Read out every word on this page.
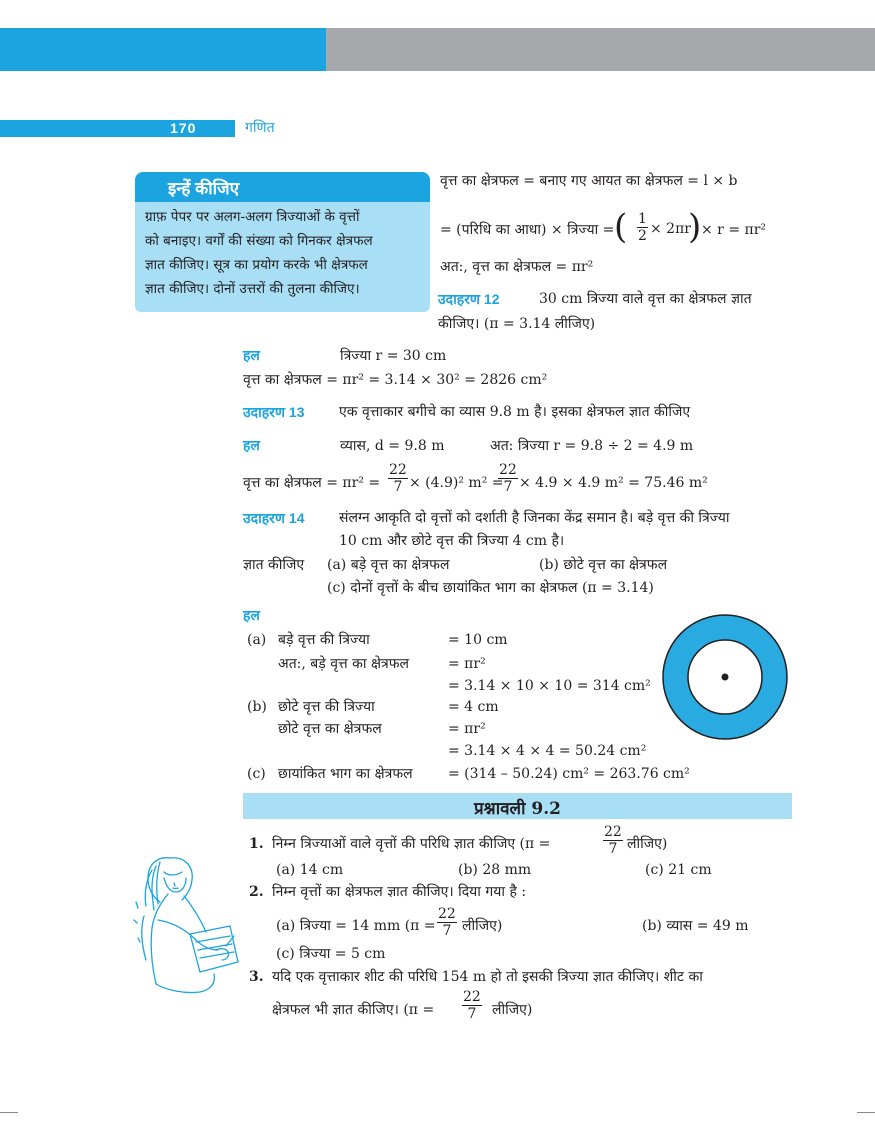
170	गणित
इन्हें कीजिए
ग्राफ़ पेपर पर अलग-अलग त्रिज्याओं के वृत्तों
को बनाइए। वर्गों की संख्या को गिनकर क्षेत्रफल
ज्ञात कीजिए। सूत्र का प्रयोग करके भी क्षेत्रफल
ज्ञात कीजिए। दोनों उत्तरों की तुलना कीजिए।
वृत्त का क्षेत्रफल = बनाए गए आयत का क्षेत्रफल = l × b
= (परिधि का आधा) × त्रिज्या = ( $\frac{1}{2} \times 2\pi r$
) × r = πr²
अत:, वृत्त का क्षेत्रफल = πr²
उदाहरण 12	30 cm त्रिज्या वाले वृत्त का क्षेत्रफल ज्ञात
कीजिए। (π = 3.14 लीजिए)
हल	त्रिज्या r = 30 cm
वृत्त का क्षेत्रफल = πr² = 3.14 × 30² = 2826 cm²
उदाहरण 13 एक वृत्ताकार बगीचे का व्यास 9.8 m है। इसका क्षेत्रफल ज्ञात कीजिए
हल	व्यास, d = 9.8 m	अत: त्रिज्या r = 9.8 ÷ 2 = 4.9 m
वृत्त का क्षेत्रफल = $\pi r^2 = \frac{22}{7} \times (4.9)^2$ m² =
$\frac{22}{7} \times 4.9 \times 4.9$ m² = 75.46 m²
उदाहरण 14 संलग्न आकृति दो वृत्तों को दर्शाती है जिनका केंद्र समान है। बड़े वृत्त की त्रिज्या
10 cm और छोटे वृत्त की त्रिज्या 4 cm है।
ज्ञात कीजिए (a) बड़े वृत्त का क्षेत्रफल	(b) छोटे वृत्त का क्षेत्रफल
(c) दोनों वृत्तों के बीच छायांकित भाग का क्षेत्रफल (π = 3.14)
हल
(a) बड़े वृत्त की त्रिज्या	= 10 cm
अत:, बड़े वृत्त का क्षेत्रफल	= πr²
= 3.14 × 10 × 10 = 314 cm²
(b) छोटे वृत्त की त्रिज्या	= 4 cm
छोटे वृत्त का क्षेत्रफल	= πr²
= 3.14 × 4 × 4 = 50.24 cm²
(c) छायांकित भाग का क्षेत्रफल	= (314 – 50.24) cm² = 263.76 cm²
प्रश्नावली 9.2
1. निम्न त्रिज्याओं वाले वृत्तों की परिधि ज्ञात कीजिए (π =	$\frac{22}{7}$ लीजिए)
(a) 14 cm	(b) 28 mm	(c) 21 cm
2. निम्न वृत्तों का क्षेत्रफल ज्ञात कीजिए। दिया गया है :
(a) त्रिज्या = 14 mm ($\pi = \frac{22}{7}$ लीजिए)	(b) व्यास = 49 m
(c) त्रिज्या = 5 cm
3. यदि एक वृत्ताकार शीट की परिधि 154 m हो तो इसकी त्रिज्या ज्ञात कीजिए। शीट का
क्षेत्रफल भी ज्ञात कीजिए। ($\pi = \frac{22}{7}$ लीजिए)
